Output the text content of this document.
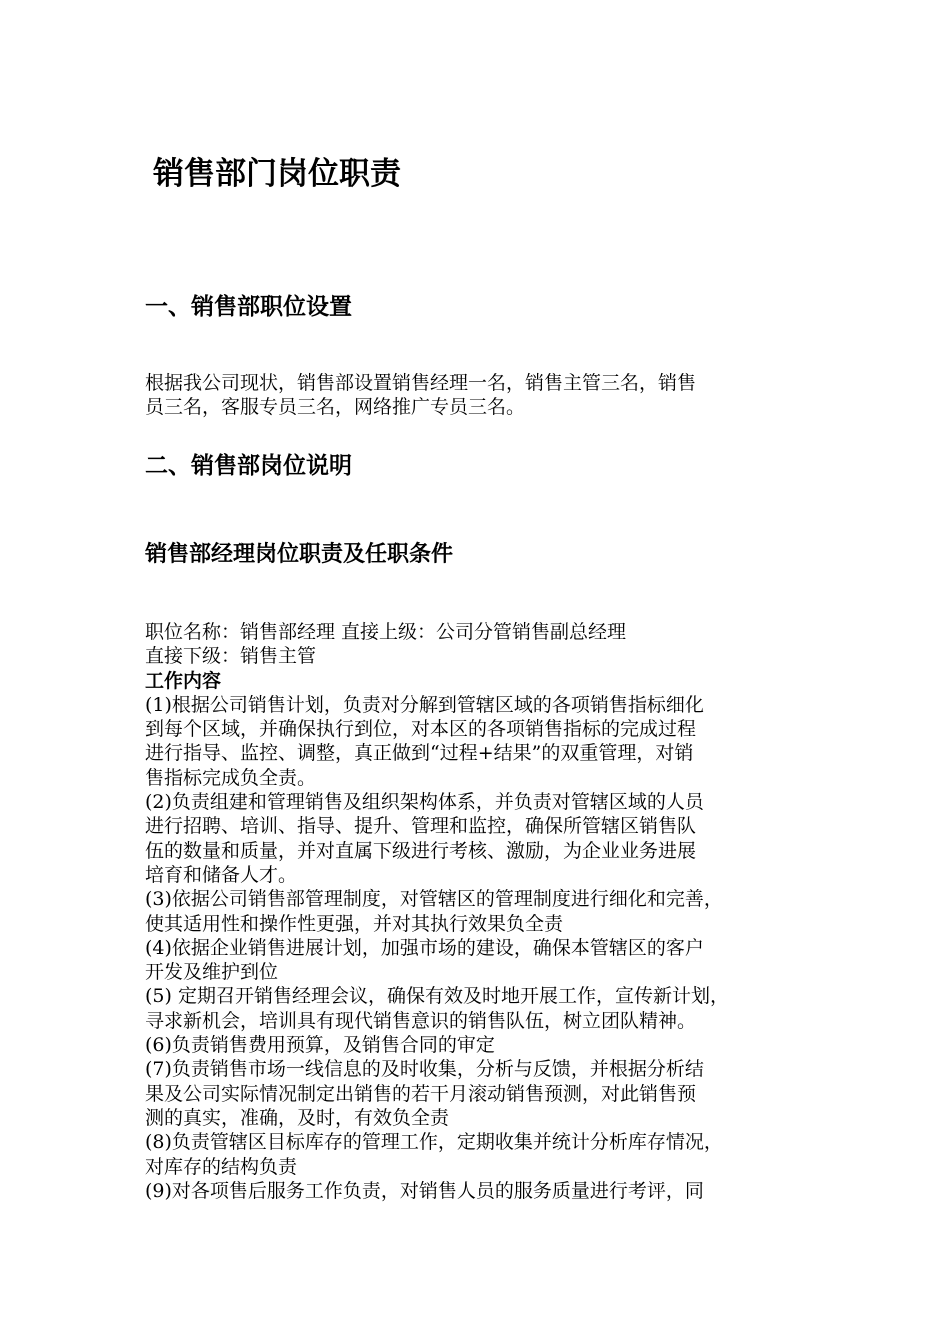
销售部门岗位职责
一、销售部职位设置

根据我公司现状，销售部设置销售经理一名，销售主管三名，销售
员三名，客服专员三名，网络推广专员三名。

二、销售部岗位说明
销售部经理岗位职责及任职条件
职位名称：销售部经理 直接上级：公司分管销售副总经理
直接下级：销售主管
工作内容
(1)根据公司销售计划，负责对分解到管辖区域的各项销售指标细化
到每个区域，并确保执行到位，对本区的各项销售指标的完成过程
进行指导、监控、调整，真正做到“过程+结果”的双重管理，对销
售指标完成负全责。
(2)负责组建和管理销售及组织架构体系，并负责对管辖区域的人员
进行招聘、培训、指导、提升、管理和监控，确保所管辖区销售队
伍的数量和质量，并对直属下级进行考核、激励，为企业业务进展
培育和储备人才。
(3)依据公司销售部管理制度，对管辖区的管理制度进行细化和完善，
使其适用性和操作性更强，并对其执行效果负全责
(4)依据企业销售进展计划，加强市场的建设，确保本管辖区的客户
开发及维护到位
(5) 定期召开销售经理会议，确保有效及时地开展工作，宣传新计划，
寻求新机会，培训具有现代销售意识的销售队伍，树立团队精神。
(6)负责销售费用预算，及销售合同的审定
(7)负责销售市场一线信息的及时收集，分析与反馈，并根据分析结
果及公司实际情况制定出销售的若干月滚动销售预测，对此销售预
测的真实，准确，及时，有效负全责
(8)负责管辖区目标库存的管理工作，定期收集并统计分析库存情况，
对库存的结构负责
(9)对各项售后服务工作负责，对销售人员的服务质量进行考评，同
